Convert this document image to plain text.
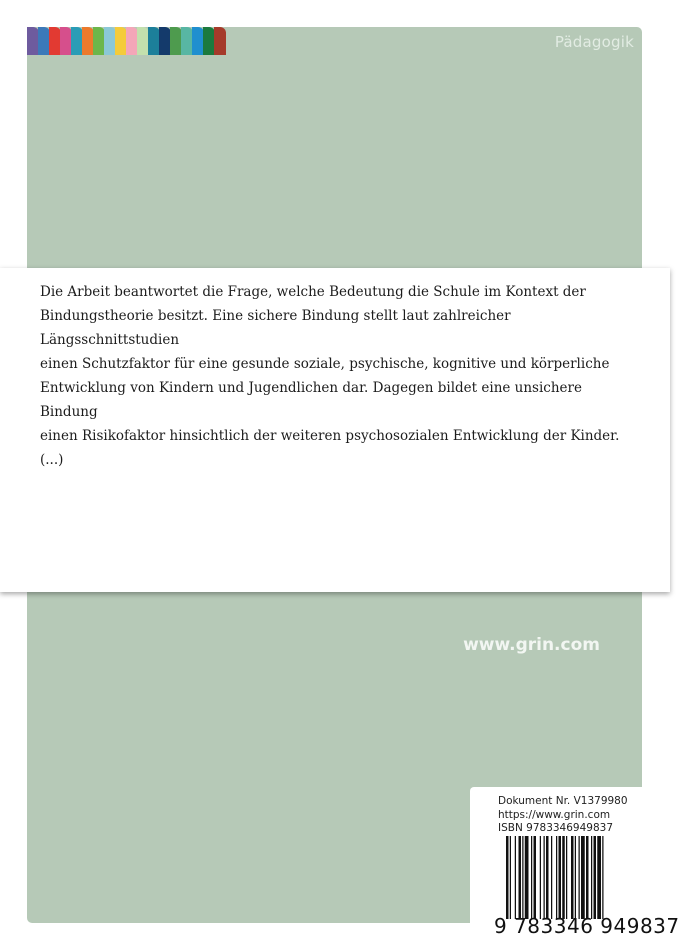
Pädagogik
www.grin.com
Dokument Nr. V1379980
https://www.grin.com
ISBN 9783346949837
9 783346 949837

Die Arbeit beantwortet die Frage, welche Bedeutung die Schule im Kontext der
Bindungstheorie besitzt. Eine sichere Bindung stellt laut zahlreicher Längsschnittstudien
einen Schutzfaktor für eine gesunde soziale, psychische, kognitive und körperliche
Entwicklung von Kindern und Jugendlichen dar. Dagegen bildet eine unsichere Bindung
einen Risikofaktor hinsichtlich der weiteren psychosozialen Entwicklung der Kinder. (...)
